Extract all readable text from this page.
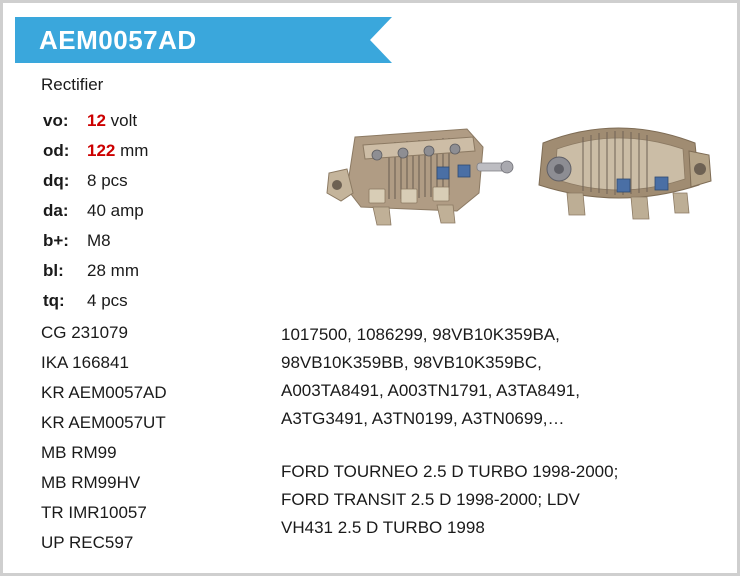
AEM0057AD
Rectifier
vo:	12 volt
od:	122 mm
dq:	8 pcs
da:	40 amp
b+:	M8
bl:	28 mm
tq:	4 pcs
CG 231079
IKA 166841
KR AEM0057AD
KR AEM0057UT
MB RM99
MB RM99HV
TR IMR10057
UP REC597
1017500, 1086299, 98VB10K359BA,
98VB10K359BB, 98VB10K359BC,
A003TA8491, A003TN1791, A3TA8491,
A3TG3491, A3TN0199, A3TN0699,…
FORD TOURNEO 2.5 D TURBO 1998-2000;
FORD TRANSIT 2.5 D 1998-2000; LDV
VH431 2.5 D TURBO 1998
